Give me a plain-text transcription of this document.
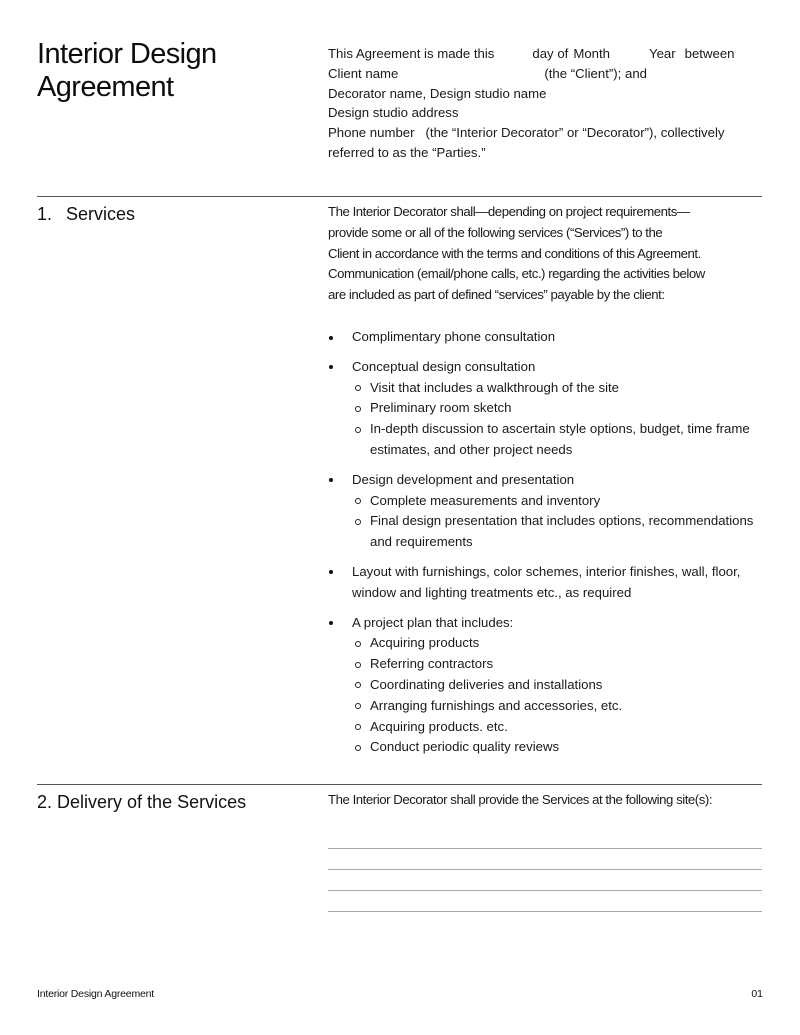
Interior Design
Agreement
This Agreement is made this	day of Month	Year between
Client name	(the “Client”); and
Decorator name, Design studio name
Design studio address
Phone number (the “Interior Decorator” or “Decorator”), collectively
referred to as the “Parties.”
1. Services	The Interior Decorator shall—depending on project requirements—
provide some or all of the following services (“Services”) to the
Client in accordance with the terms and conditions of this Agreement.
Communication (email/phone calls, etc.) regarding the activities below
are included as part of defined “services” payable by the client:
Complimentary phone consultation
Conceptual design consultation
Visit that includes a walkthrough of the site
Preliminary room sketch
In-depth discussion to ascertain style options, budget, time frame estimates, and other project needs
Design development and presentation
Complete measurements and inventory
Final design presentation that includes options, recommendations and requirements
Layout with furnishings, color schemes, interior finishes, wall, floor, window and lighting treatments etc., as required
A project plan that includes:
Acquiring products
Referring contractors
Coordinating deliveries and installations
Arranging furnishings and accessories, etc.
Acquiring products. etc.
Conduct periodic quality reviews
2. Delivery of the Services	The Interior Decorator shall provide the Services at the following site(s):
Interior Design Agreement	01
